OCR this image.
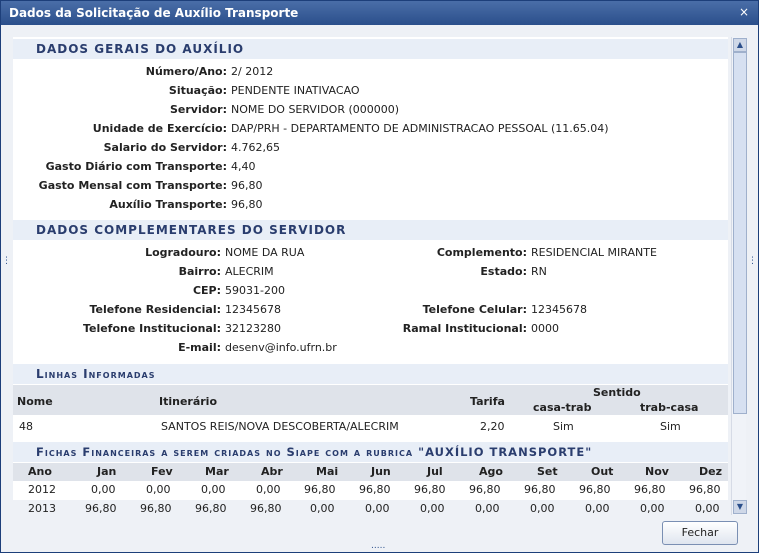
Dados da Solicitação de Auxílio Transporte	×
DADOS GERAIS DO AUXÍLIO
Número/Ano: 2/ 2012
Situação: PENDENTE INATIVACAO
Servidor: NOME DO SERVIDOR (000000)
Unidade de Exercício: DAP/PRH - DEPARTAMENTO DE ADMINISTRACAO PESSOAL (11.65.04)
Salario do Servidor: 4.762,65
Gasto Diário com Transporte: 4,40
Gasto Mensal com Transporte: 96,80
Auxílio Transporte: 96,80
DADOS COMPLEMENTARES DO SERVIDOR
Logradouro: NOME DA RUA
Bairro: ALECRIM
CEP: 59031-200
Telefone Residencial: 12345678
Telefone Institucional: 32123280
E-mail: desenv@info.ufrn.br
Complemento: RESIDENCIAL MIRANTE
Estado: RN
Telefone Celular: 12345678
Ramal Institucional: 0000
Linhas Informadas
Nome	Itinerário	Tarifa
Sentido
casa-trab	trab-casa
48	SANTOS REIS/NOVA DESCOBERTA/ALECRIM	2,20	Sim	Sim
Fichas Financeiras a serem criadas no Siape com a rubrica "AUXÍLIO TRANSPORTE"
Ano	Jan	Fev	Mar	Abr	Mai	Jun	Jul	Ago	Set	Out	Nov	Dez
2012	0,00	0,00	0,00	0,00 96,80 96,80 96,80 96,80 96,80 96,80 96,80 96,80
2013	96,80 96,80 96,80 96,80	0,00	0,00	0,00	0,00	0,00	0,00	0,00	0,00
▲
▼
⋮	⋮
Fechar
.....
